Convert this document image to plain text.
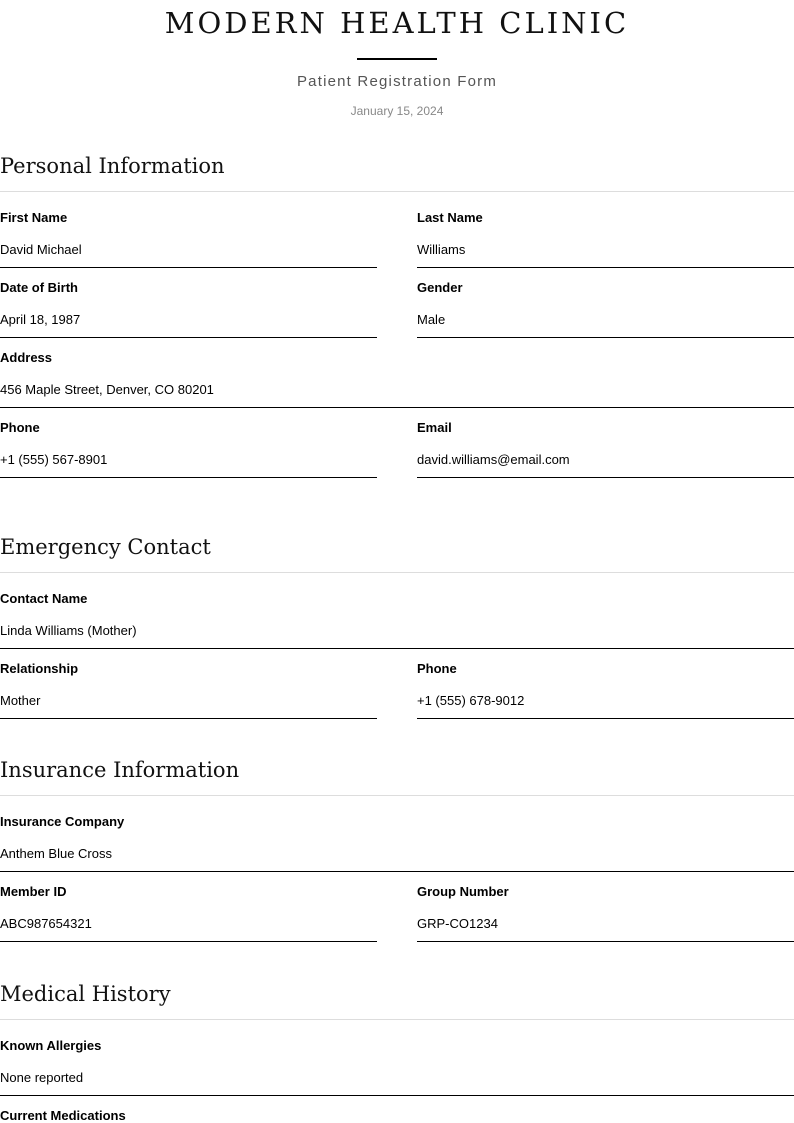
MODERN HEALTH CLINIC
Patient Registration Form
January 15, 2024
Personal Information
First Name
David Michael
Last Name
Williams
Date of Birth
April 18, 1987
Gender
Male
Address
456 Maple Street, Denver, CO 80201
Phone
+1 (555) 567-8901
Email
david.williams@email.com
Emergency Contact
Contact Name
Linda Williams (Mother)
Relationship
Mother
Phone
+1 (555) 678-9012
Insurance Information
Insurance Company
Anthem Blue Cross
Member ID
ABC987654321
Group Number
GRP-CO1234
Medical History
Known Allergies
None reported
Current Medications
